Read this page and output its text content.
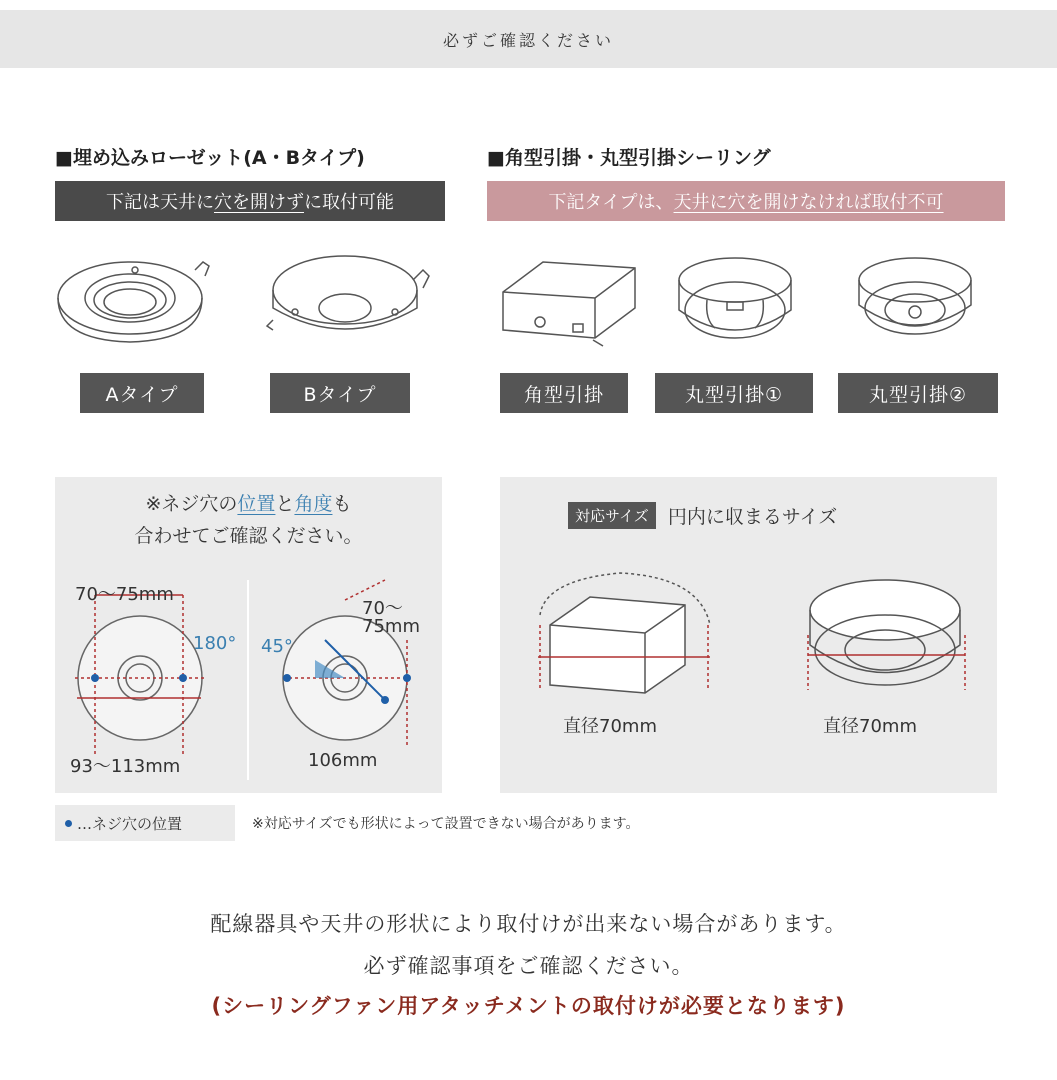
必ずご確認ください
■埋め込みローゼット(A・Bタイプ)
下記は天井に 穴を開けず に取付可能
■角型引掛・丸型引掛シーリング
下記タイプは、 天井に穴を開けなければ 取付不可
Aタイプ	Bタイプ	角型引掛	丸型引掛①	丸型引掛②
※ネジ穴の位置と角度も
合わせてご確認ください。
70～75mm
180°
93～113mm
70～
75mm
45°
106mm
対応サイズ	円内に収まるサイズ
直径70mm	直径70mm
…ネジ穴の位置	※対応サイズでも形状によって設置できない場合があります。
配線器具や天井の形状により取付けが出来ない場合があります。
必ず確認事項をご確認ください。
(シーリングファン用アタッチメントの取付けが必要となります)
